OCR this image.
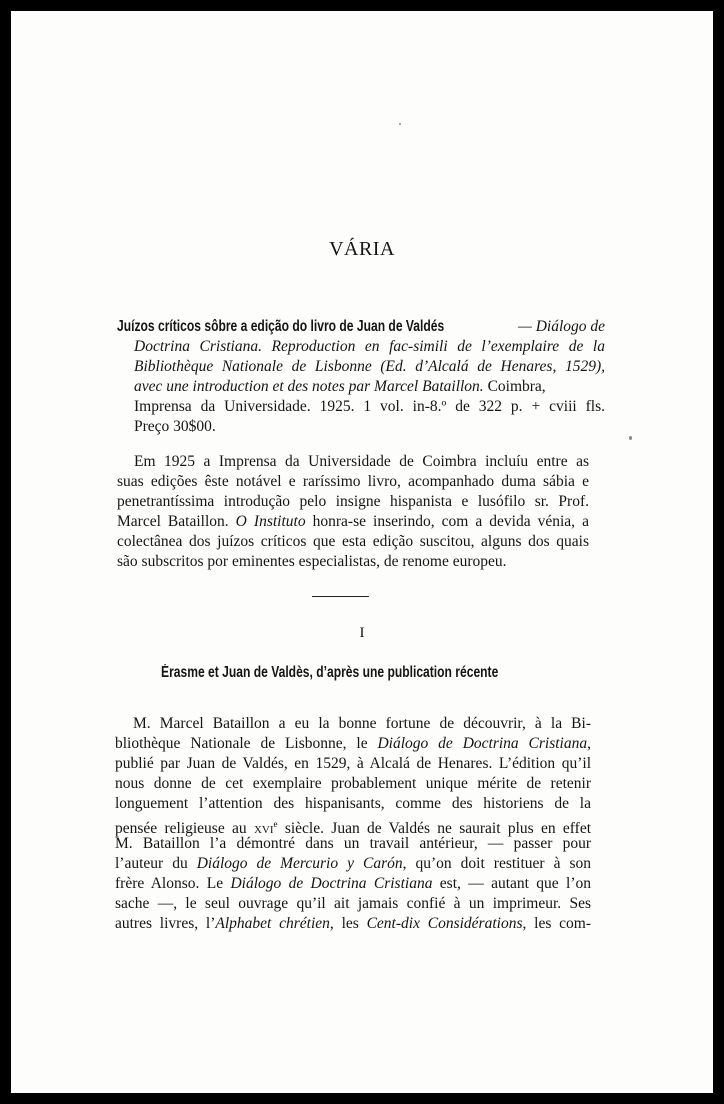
VÁRIA
Juízos críticos sôbre a edição do livro de Juan de Valdés	— Diálogo de
Doctrina Cristiana. Reproduction en fac-simili de l’exemplaire de la
Bibliothèque Nationale de Lisbonne (Ed. d’Alcalá de Henares, 1529),
avec une introduction et des notes par Marcel Bataillon. Coimbra,
Imprensa da Universidade. 1925. 1 vol. in-8.º de 322 p. + cviii fls.
Preço 30$00.
Em 1925 a Imprensa da Universidade de Coimbra incluíu entre as
suas edições êste notável e raríssimo livro, acompanhado duma sábia e
penetrantíssima introdução pelo insigne hispanista e lusófilo sr. Prof.
Marcel Bataillon. O Instituto honra-se inserindo, com a devida vénia, a
colectânea dos juízos críticos que esta edição suscitou, alguns dos quais
são subscritos por eminentes especialistas, de renome europeu.
I
Érasme et Juan de Valdès, d’après une publication récente
M. Marcel Bataillon a eu la bonne fortune de découvrir, à la Bi-
bliothèque Nationale de Lisbonne, le Diálogo de Doctrina Cristiana,
publié par Juan de Valdés, en 1529, à Alcalá de Henares. L’édition qu’il
nous donne de cet exemplaire probablement unique mérite de retenir
longuement l’attention des hispanisants, comme des historiens de la
pensée religieuse au xvi$^e$ siècle. Juan de Valdés ne saurait plus en effet
M. Bataillon l’a démontré dans un travail antérieur, — passer pour
l’auteur du Diálogo de Mercurio y Carón, qu’on doit restituer à son
frère Alonso. Le Diálogo de Doctrina Cristiana est, — autant que l’on
sache —, le seul ouvrage qu’il ait jamais confié à un imprimeur. Ses
autres livres, l’Alphabet chrétien, les Cent-dix Considérations, les com-
